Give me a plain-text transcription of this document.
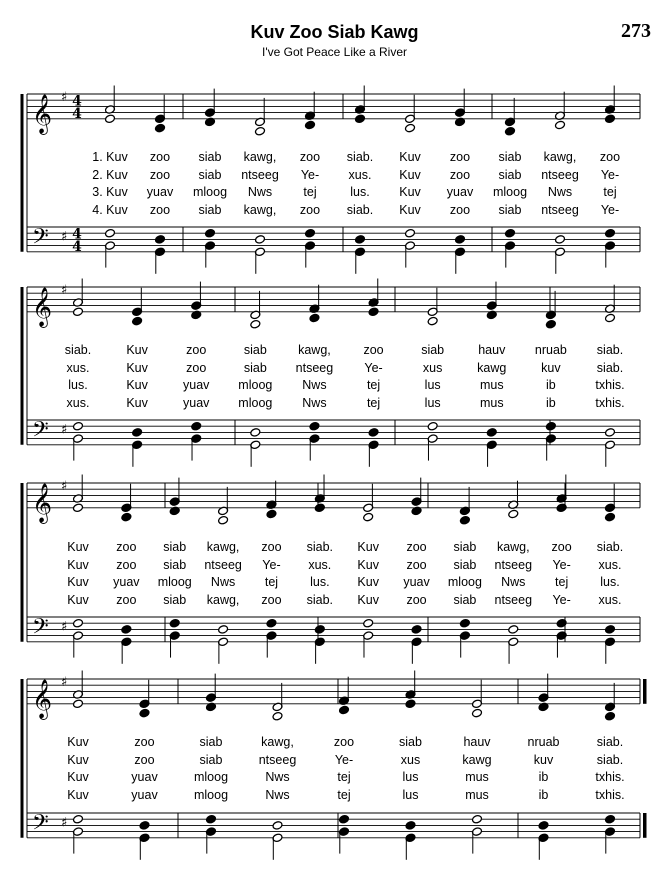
Kuv Zoo Siab Kawg
I've Got Peace Like a River
273
𝄞
𝄢
♯
♯
4
4
4
4
𝄞
𝄢
♯
♯
𝄞
𝄢
♯
♯
𝄞
𝄢
♯
♯
1. Kuv zoo siab kawg, zoo siab. Kuv zoo siab kawg, zoo
2. Kuv zoo siab ntseeg Ye- xus. Kuv zoo siab ntseeg Ye-
3. Kuv yuav mloog Nws tej	lus. Kuv yuav mloog Nws tej
4. Kuv zoo siab kawg, zoo siab. Kuv zoo siab ntseeg Ye-
siab.	Kuv	zoo	siab	kawg,	zoo	siab	hauv nruab siab.
xus.	Kuv	zoo	siab ntseeg Ye-	xus	kawg	kuv	siab.
lus.	Kuv	yuav mloog Nws	tej	lus	mus	ib	txhis.
xus.	Kuv	yuav mloog Nws	tej	lus	mus	ib	txhis.
Kuv zoo siab kawg, zoo siab. Kuv zoo siab kawg, zoo siab.
Kuv zoo siab ntseeg Ye- xus. Kuv zoo siab ntseeg Ye- xus.
Kuv yuav mloog Nws tej	lus. Kuv yuav mloog Nws tej	lus.
Kuv zoo siab kawg, zoo siab. Kuv zoo siab ntseeg Ye- xus.
Kuv	zoo	siab	kawg,	zoo	siab	hauv	nruab	siab.
Kuv	zoo	siab	ntseeg	Ye-	xus	kawg	kuv	siab.
Kuv	yuav	mloog	Nws	tej	lus	mus	ib	txhis.
Kuv	yuav	mloog	Nws	tej	lus	mus	ib	txhis.
